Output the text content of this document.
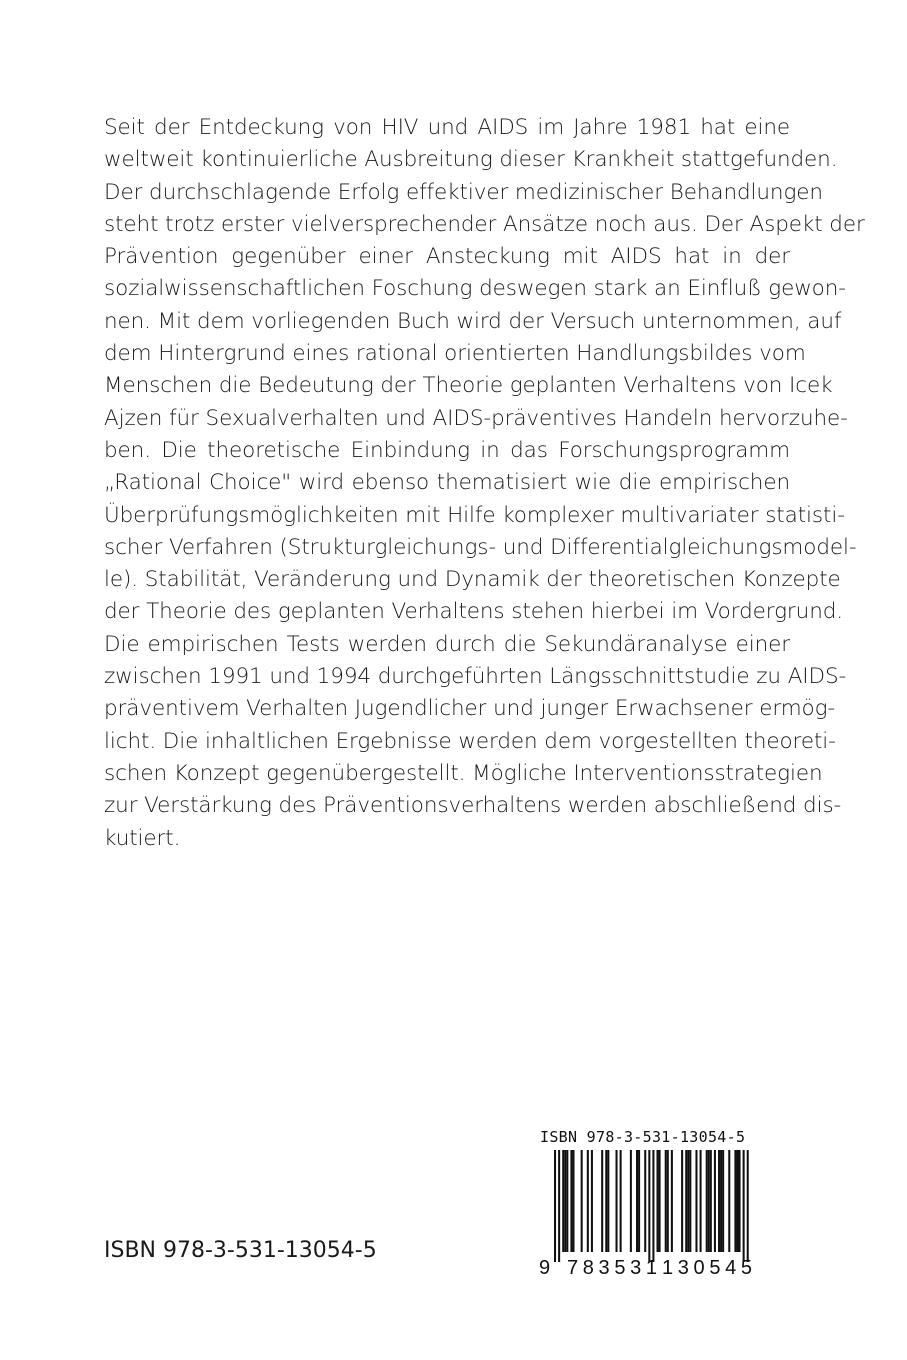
Seit der Entdeckung von HIV und AIDS im Jahre 1981 hat eine
weltweit kontinuierliche Ausbreitung dieser Krankheit stattgefunden.
Der durchschlagende Erfolg effektiver medizinischer Behandlungen
steht trotz erster vielversprechender Ansätze noch aus. Der Aspekt der
Prävention gegenüber einer Ansteckung mit AIDS hat in der
sozialwissenschaftlichen Foschung deswegen stark an Einfluß gewon-
nen. Mit dem vorliegenden Buch wird der Versuch unternommen, auf
dem Hintergrund eines rational orientierten Handlungsbildes vom
Menschen die Bedeutung der Theorie geplanten Verhaltens von Icek
Ajzen für Sexualverhalten und AIDS-präventives Handeln hervorzuhe-
ben. Die theoretische Einbindung in das Forschungsprogramm
„Rational Choice" wird ebenso thematisiert wie die empirischen
Überprüfungsmöglichkeiten mit Hilfe komplexer multivariater statisti-
scher Verfahren (Strukturgleichungs- und Differentialgleichungsmodel-
le). Stabilität, Veränderung und Dynamik der theoretischen Konzepte
der Theorie des geplanten Verhaltens stehen hierbei im Vordergrund.
Die empirischen Tests werden durch die Sekundäranalyse einer
zwischen 1991 und 1994 durchgeführten Längsschnittstudie zu AIDS-
präventivem Verhalten Jugendlicher und junger Erwachsener ermög-
licht. Die inhaltlichen Ergebnisse werden dem vorgestellten theoreti-
schen Konzept gegenübergestellt. Mögliche Interventionsstrategien
zur Verstärkung des Präventionsverhaltens werden abschließend dis-
kutiert.
ISBN 978-3-531-13054-5
ISBN 978-3-531-13054-5
9 783531 130545
